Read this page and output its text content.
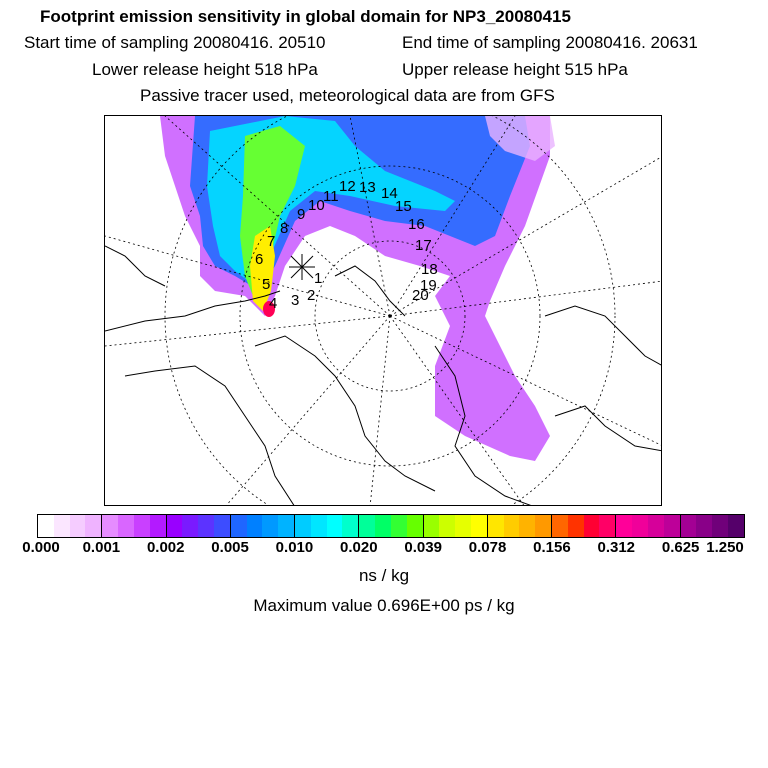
Footprint emission sensitivity in global domain for NP3_20080415
Start time of sampling 20080416. 20510	End time of sampling 20080416. 20631
Lower release height 518 hPa	Upper release height 515 hPa
Passive tracer used, meteorological data are from GFS
1
2
3
4
5
6
7
8
9
10
11
12 13 14
15
16
17
18
19
20
0.000 0.001 0.002 0.005 0.010 0.020 0.039 0.078 0.156 0.312 0.625 1.250
ns / kg
Maximum value 0.696E+00 ps / kg
